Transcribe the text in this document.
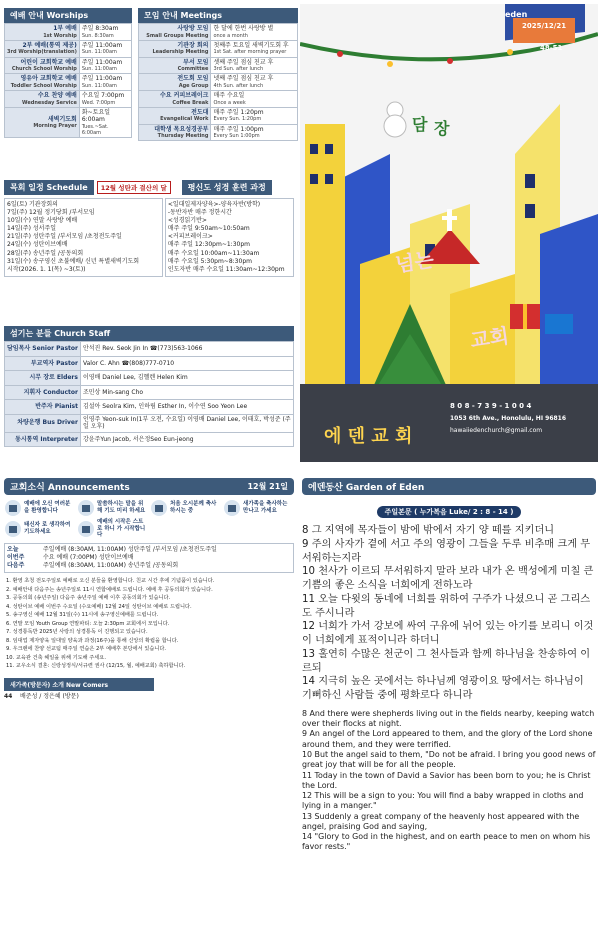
예배 안내 Worships
1부 예배
1st Worship	주일 8:30am
Sun. 8:30am

2부 예배(통역 제공)
3rd Worship(translation)	주일 11:00am
Sun. 11:00am

어린이 교회학교 예배
Church School Worship	주일 11:00am
Sun. 11:00am

영유아 교회학교 예배
Toddler School Worship	주일 11:00am
Sun. 11:00am

수요 찬양 예배
Wednesday Service	수요일 7:00pm
Wed. 7:00pm

새벽기도회
Morning Prayer	화~토요일 6:00am
Tues.~Sat. 6:00am
모임 안내 Meetings
사랑방 모임
Small Groups Meeting	한 달에 한번 사랑방 별
once a month

기관장 회의
Leadership Meeting	첫째주 토요일 새벽기도회 후
1st Sat. after morning prayer

부서 모임
Committee	셋째 주일 점심 친교 후
3rd Sun. after lunch

전도회 모임
Age Group	넷째 주일 점심 친교 후
4th Sun. after lunch

수요 커피브레이크
Coffee Break	매주 수요일
Once a week

전도대
Evangelical Work	매주 주일 1:20pm
Every Sun. 1:20pm

대학생 목요성경공부
Thursday Meeting	매주 주일 1:00pm
Every Sun 1:00pm
eden
2025/12/21
48-51
담 장
넘는
교회
에 덴 교 회
8 0 8 - 7 3 9 - 1 0 0 4
1053 6th Ave., Honolulu, HI 96816
hawaiiedenchurch@gmail.com
목회 일정 Schedule	12월 성탄과 결산의 달	평신도 성경 훈련 과정
6일(토) 기관장회의
7일(주) 12월 정기당회 /부서모임
10일(수) 연말 사랑방 예배
14일(주) 성서주일
21일(주) 성탄주일 /부서모임 /초청전도주일
24일(수) 성탄이브예배
28일(주) 송년주일 /공동의회
31일(수) 송구영신 초불예배/ 신년 특별새벽기도회
시작(2026. 1. 1(목) ~3(토))
<일대일제자양육>-양육자반(방학)
-동반자반 매주 정한시간
<성경읽기반>
매주 주일 9:50am~10:50am
<커피브레이크>
매주 주일 12:30pm~1:30pm
매주 수요일 10:00am~11:30am
매주 수요일 5:30pm~8:30pm
인도자반 매주 수요일 11:30am~12:30pm
섬기는 분들 Church Staff
담임목사 Senior Pastor	안석진 Rev. Seok Jin In ☎(773)563-1066
부교역자 Pastor	Valor C. Ahn ☎(808)777-0710
시무 장로 Elders	이영배 Daniel Lee, 김헬렌 Helen Kim
지휘자 Conductor	조민상 Min-sang Cho
반주자 Pianist	김설아 Seolra Kim, 인하림 Esther In, 이수연 Soo Yeon Lee
차량운행 Bus Driver	인영주 Yeon-suk In(1부 오전, 수요일) 이영배 Daniel Lee, 이태호, 박성준 (주일 오후)
동시통역 Interpreter	강윤주Yun Jacob, 서은정Seo Eun-jeong
교회소식 Announcements	12월 21일
예배에 오신 여러분을 환영합니다
말씀하시는 말을 위해 기도 미리 하세요
처음 오시분께 축사 하시는 중
새가족을 축사하는 만나고 가세요
태신자 로 생각하여 기도하세요
예배의 시작은 스트로 하니 가 시작합니다
오늘	주일예배 (8:30AM, 11:00AM) 성탄주일 /부서모임 /초청전도주일
이번주	수요 예배 (7:00PM) 성탄이브예배
다음주	주일예배 (8:30AM, 11:00AM) 송년주일 /공동의회

1. 환영 초청 전도주일로 예배로 오신 분들을 환영합니다. 친교 시간 후에 기념품이 있습니다.

2. 예배안내 다음주는 송년주일로 11시 연합예배로 드립니다. 예배 후 공동의회가 있습니다.

3. 공동의회 (송년주일) 다음주 송년주일 예배 이후 공동의회가 있습니다.

4. 성탄이브 예배 이번주 수요일 (수요예배) 12월 24일 성탄이브 예배로 드립니다.

5. 송구영신 예배 12월 31일(수) 11시에 송구영신예배를 드립니다.

6. 연말 모임 Youth Group 연말파티: 오늘 2:30pm 교회에서 모입니다.

7. 성경통독반 2025년 사랑의 성경통독 이 진행되고 있습니다.

8. 임대업 제자양육 일대일 양육과 과정(16주)을 통해 신앙의 확립을 합니다.

9. 우크렌에 찬양 선교팀 매주일 연습은 2부 예배후 본당에서 있습니다.

10. 교육관 건축 헤일을 위해 기도해 주세요.

11. 교우소식 결혼: 신랑성정식/서규련 권사 (12/15, 월, 예배교회) 축하합니다.

새가족(방문자) 소개 New Comers
44	배준성 / 정은혜 (방문)
에덴동산 Garden of Eden
주일본문 ( 누가복음 Luke/ 2 : 8 - 14 )

8 그 지역에 목자들이 밤에 밖에서 자기 양 떼를 지키더니

9 주의 사자가 곁에 서고 주의 영광이 그들을 두루 비추매 크게 무서워하는지라

10 천사가 이르되 무서워하지 말라 보라 내가 온 백성에게 미칠 큰 기쁨의 좋은 소식을 너희에게 전하노라

11 오늘 다윗의 동네에 너희를 위하여 구주가 나셨으니 곧 그리스도 주시니라

12 너희가 가서 강보에 싸여 구유에 뉘어 있는 아기를 보리니 이것이 너희에게 표적이니라 하더니

13 홀연히 수많은 천군이 그 천사들과 함께 하나님을 찬송하여 이르되

14 지극히 높은 곳에서는 하나님께 영광이요 땅에서는 하나님이 기뻐하신 사람들 중에 평화로다 하니라

8 And there were shepherds living out in the fields nearby, keeping watch over their flocks at night.

9 An angel of the Lord appeared to them, and the glory of the Lord shone around them, and they were terrified.

10 But the angel said to them, "Do not be afraid. I bring you good news of great joy that will be for all the people.

11 Today in the town of David a Savior has been born to you; he is Christ the Lord.

12 This will be a sign to you: You will find a baby wrapped in cloths and lying in a manger."

13 Suddenly a great company of the heavenly host appeared with the angel, praising God and saying,

14 "Glory to God in the highest, and on earth peace to men on whom his favor rests."
